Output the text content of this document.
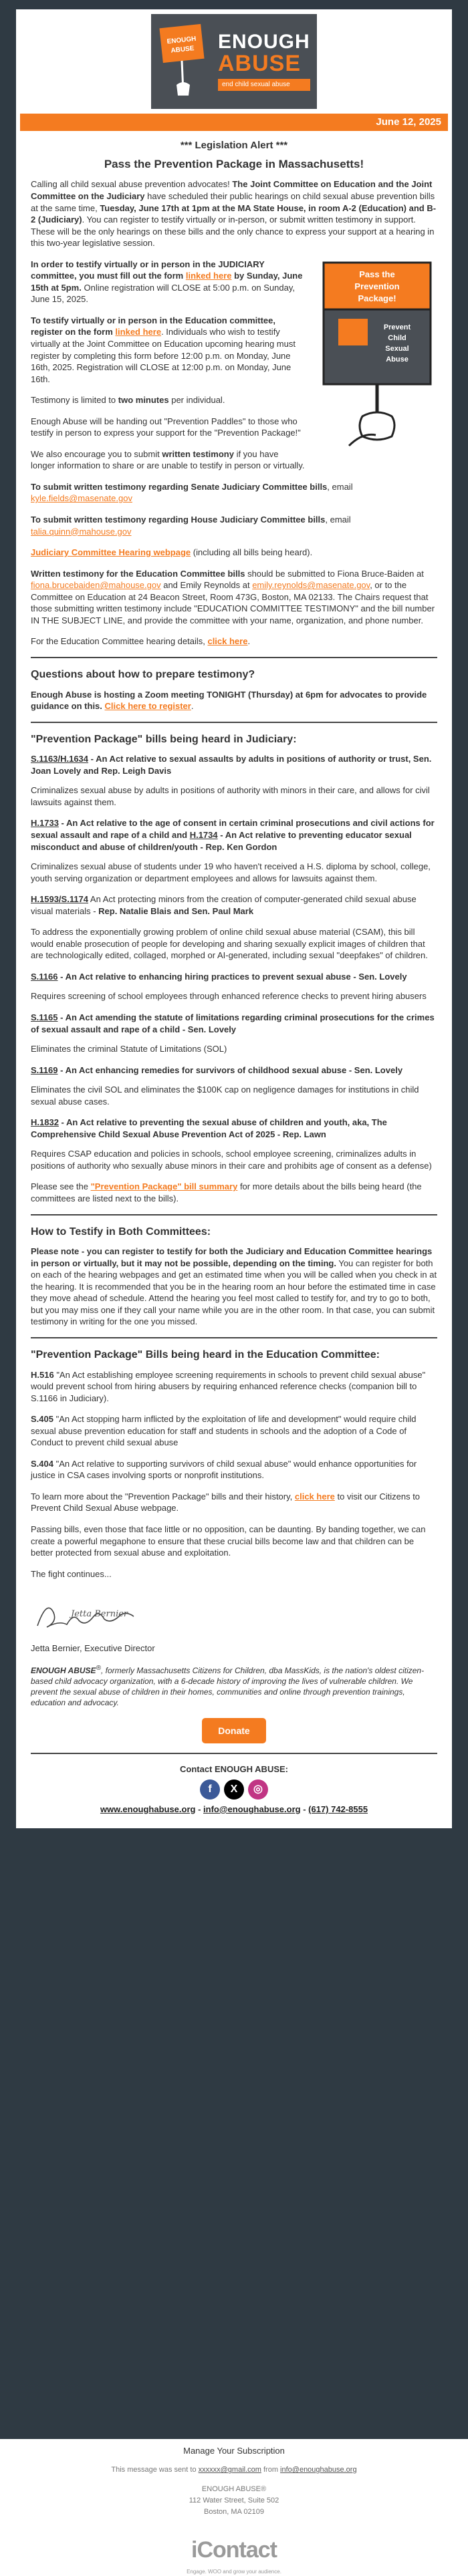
ENOUGH
ABUSE ENOUGH
ABUSE
end child sexual abuse
June 12, 2025
*** Legislation Alert ***
Pass the Prevention Package in Massachusetts!

Calling all child sexual abuse prevention advocates! The Joint Committee on Education and the Joint Committee on the Judiciary have scheduled their public hearings on child sexual abuse prevention bills at the same time, Tuesday, June 17th at 1pm at the MA State House, in room A-2 (Education) and B-2 (Judiciary). You can register to testify virtually or in-person, or submit written testimony in support. These will be the only hearings on these bills and the only chance to express your support at a hearing in this two-year legislative session.

Pass the
Prevention
Package!
Prevent
Child
Sexual
Abuse

In order to testify virtually or in person in the JUDICIARY committee, you must fill out the form linked here by Sunday, June 15th at 5pm. Online registration will CLOSE at 5:00 p.m. on Sunday, June 15, 2025.

To testify virtually or in person in the Education committee, register on the form linked here. Individuals who wish to testify virtually at the Joint Committee on Education upcoming hearing must register by completing this form before 12:00 p.m. on Monday, June 16th, 2025. Registration will CLOSE at 12:00 p.m. on Monday, June 16th.

Testimony is limited to two minutes per individual.

Enough Abuse will be handing out "Prevention Paddles" to those who testify in person to express your support for the "Prevention Package!"

We also encourage you to submit written testimony if you have longer information to share or are unable to testify in person or virtually.

To submit written testimony regarding Senate Judiciary Committee bills, email kyle.fields@masenate.gov

To submit written testimony regarding House Judiciary Committee bills, email talia.quinn@mahouse.gov

Judiciary Committee Hearing webpage (including all bills being heard).

Written testimony for the Education Committee bills should be submitted to Fiona Bruce-Baiden at fiona.brucebaiden@mahouse.gov and Emily Reynolds at emily.reynolds@masenate.gov, or to the Committee on Education at 24 Beacon Street, Room 473G, Boston, MA 02133. The Chairs request that those submitting written testimony include "EDUCATION COMMITTEE TESTIMONY" and the bill number IN THE SUBJECT LINE, and provide the committee with your name, organization, and phone number.

For the Education Committee hearing details, click here.

Questions about how to prepare testimony?

Enough Abuse is hosting a Zoom meeting TONIGHT (Thursday) at 6pm for advocates to provide guidance on this. Click here to register.

"Prevention Package" bills being heard in Judiciary:

S.1163/H.1634 - An Act relative to sexual assaults by adults in positions of authority or trust, Sen. Joan Lovely and Rep. Leigh Davis

Criminalizes sexual abuse by adults in positions of authority with minors in their care, and allows for civil lawsuits against them.

H.1733 - An Act relative to the age of consent in certain criminal prosecutions and civil actions for sexual assault and rape of a child and H.1734 - An Act relative to preventing educator sexual misconduct and abuse of children/youth - Rep. Ken Gordon

Criminalizes sexual abuse of students under 19 who haven't received a H.S. diploma by school, college, youth serving organization or department employees and allows for lawsuits against them.

H.1593/S.1174 An Act protecting minors from the creation of computer-generated child sexual abuse visual materials - Rep. Natalie Blais and Sen. Paul Mark

To address the exponentially growing problem of online child sexual abuse material (CSAM), this bill would enable prosecution of people for developing and sharing sexually explicit images of children that are technologically edited, collaged, morphed or AI-generated, including sexual "deepfakes" of children.

S.1166 - An Act relative to enhancing hiring practices to prevent sexual abuse - Sen. Lovely

Requires screening of school employees through enhanced reference checks to prevent hiring abusers

S.1165 - An Act amending the statute of limitations regarding criminal prosecutions for the crimes of sexual assault and rape of a child - Sen. Lovely

Eliminates the criminal Statute of Limitations (SOL)

S.1169 - An Act enhancing remedies for survivors of childhood sexual abuse - Sen. Lovely

Eliminates the civil SOL and eliminates the $100K cap on negligence damages for institutions in child sexual abuse cases.

H.1832 - An Act relative to preventing the sexual abuse of children and youth, aka, The Comprehensive Child Sexual Abuse Prevention Act of 2025 - Rep. Lawn

Requires CSAP education and policies in schools, school employee screening, criminalizes adults in positions of authority who sexually abuse minors in their care and prohibits age of consent as a defense)

Please see the "Prevention Package" bill summary for more details about the bills being heard (the committees are listed next to the bills).

How to Testify in Both Committees:

Please note - you can register to testify for both the Judiciary and Education Committee hearings in person or virtually, but it may not be possible, depending on the timing. You can register for both on each of the hearing webpages and get an estimated time when you will be called when you check in at the hearing. It is recommended that you be in the hearing room an hour before the estimated time in case they move ahead of schedule. Attend the hearing you feel most called to testify for, and try to go to both, but you may miss one if they call your name while you are in the other room. In that case, you can submit testimony in writing for the one you missed.

"Prevention Package" Bills being heard in the Education Committee:

H.516 "An Act establishing employee screening requirements in schools to prevent child sexual abuse" would prevent school from hiring abusers by requiring enhanced reference checks (companion bill to S.1166 in Judiciary).

S.405 "An Act stopping harm inflicted by the exploitation of life and development" would require child sexual abuse prevention education for staff and students in schools and the adoption of a Code of Conduct to prevent child sexual abuse

S.404 "An Act relative to supporting survivors of child sexual abuse" would enhance opportunities for justice in CSA cases involving sports or nonprofit institutions.

To learn more about the "Prevention Package" bills and their history, click here to visit our Citizens to Prevent Child Sexual Abuse webpage.

Passing bills, even those that face little or no opposition, can be daunting. By banding together, we can create a powerful megaphone to ensure that these crucial bills become law and that children can be better protected from sexual abuse and exploitation.

The fight continues...

Jetta Bernier

Jetta Bernier, Executive Director

ENOUGH ABUSE®, formerly Massachusetts Citizens for Children, dba MassKids, is the nation's oldest citizen-based child advocacy organization, with a 6-decade history of improving the lives of vulnerable children. We prevent the sexual abuse of children in their homes, communities and online through prevention trainings, education and advocacy.

Donate
Contact ENOUGH ABUSE:
f	X	◎
www.enoughabuse.org - info@enoughabuse.org - (617) 742-8555
Manage Your Subscription
This message was sent to xxxxxx@gmail.com from info@enoughabuse.org
ENOUGH ABUSE®
112 Water Street, Suite 502
Boston, MA 02109
iContact
Engage. WOO and grow your audience.
